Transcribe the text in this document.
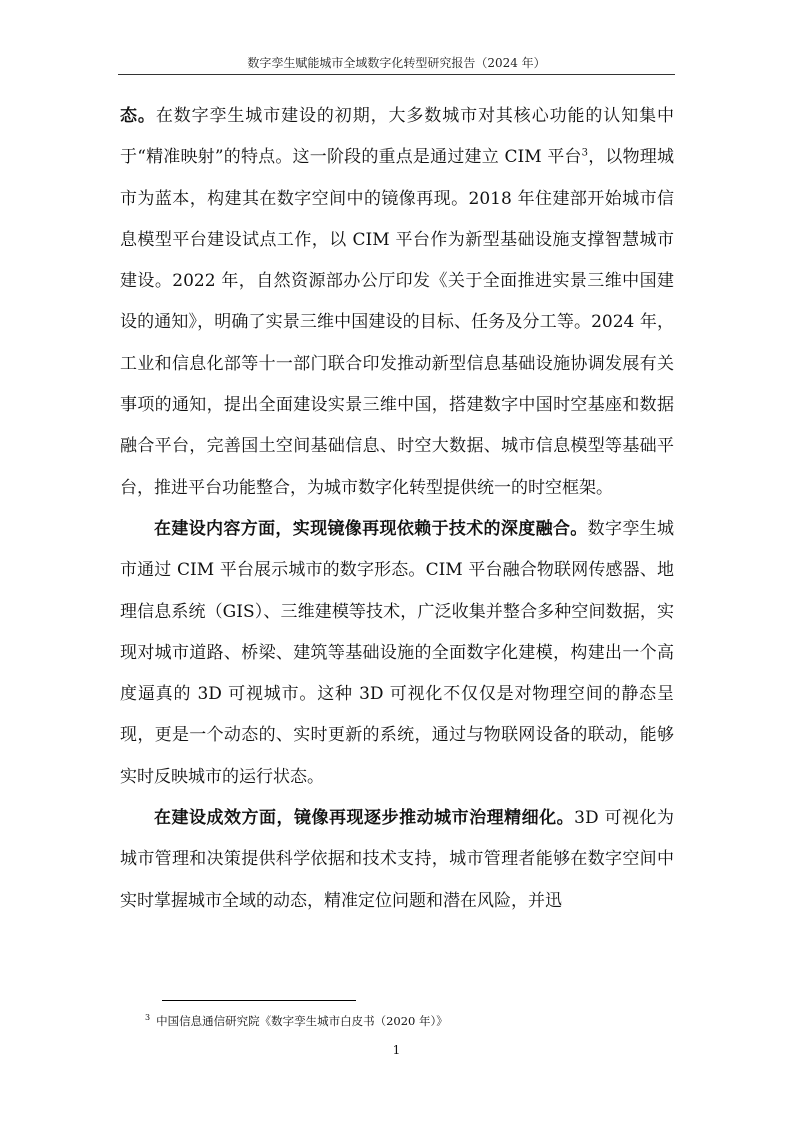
数字孪生赋能城市全域数字化转型研究报告（2024 年）

态。在数字孪生城市建设的初期，大多数城市对其核心功能的认知集中于“精准映射”的特点。这一阶段的重点是通过建立 CIM 平台$^3$，以物理城市为蓝本，构建其在数字空间中的镜像再现。2018 年住建部开始城市信息模型平台建设试点工作，以 CIM 平台作为新型基础设施支撑智慧城市建设。2022 年，自然资源部办公厅印发《关于全面推进实景三维中国建设的通知》，明确了实景三维中国建设的目标、任务及分工等。2024 年，工业和信息化部等十一部门联合印发推动新型信息基础设施协调发展有关事项的通知，提出全面建设实景三维中国，搭建数字中国时空基座和数据融合平台，完善国土空间基础信息、时空大数据、城市信息模型等基础平台，推进平台功能整合，为城市数字化转型提供统一的时空框架。

在建设内容方面，实现镜像再现依赖于技术的深度融合。数字孪生城市通过 CIM 平台展示城市的数字形态。CIM 平台融合物联网传感器、地理信息系统（GIS）、三维建模等技术，广泛收集并整合多种空间数据，实现对城市道路、桥梁、建筑等基础设施的全面数字化建模，构建出一个高度逼真的 3D 可视城市。这种 3D 可视化不仅仅是对物理空间的静态呈现，更是一个动态的、实时更新的系统，通过与物联网设备的联动，能够实时反映城市的运行状态。

在建设成效方面，镜像再现逐步推动城市治理精细化。3D 可视化为城市管理和决策提供科学依据和技术支持，城市管理者能够在数字空间中实时掌握城市全域的动态，精准定位问题和潜在风险，并迅

$^3$ 中国信息通信研究院《数字孪生城市白皮书（2020 年）》
1
